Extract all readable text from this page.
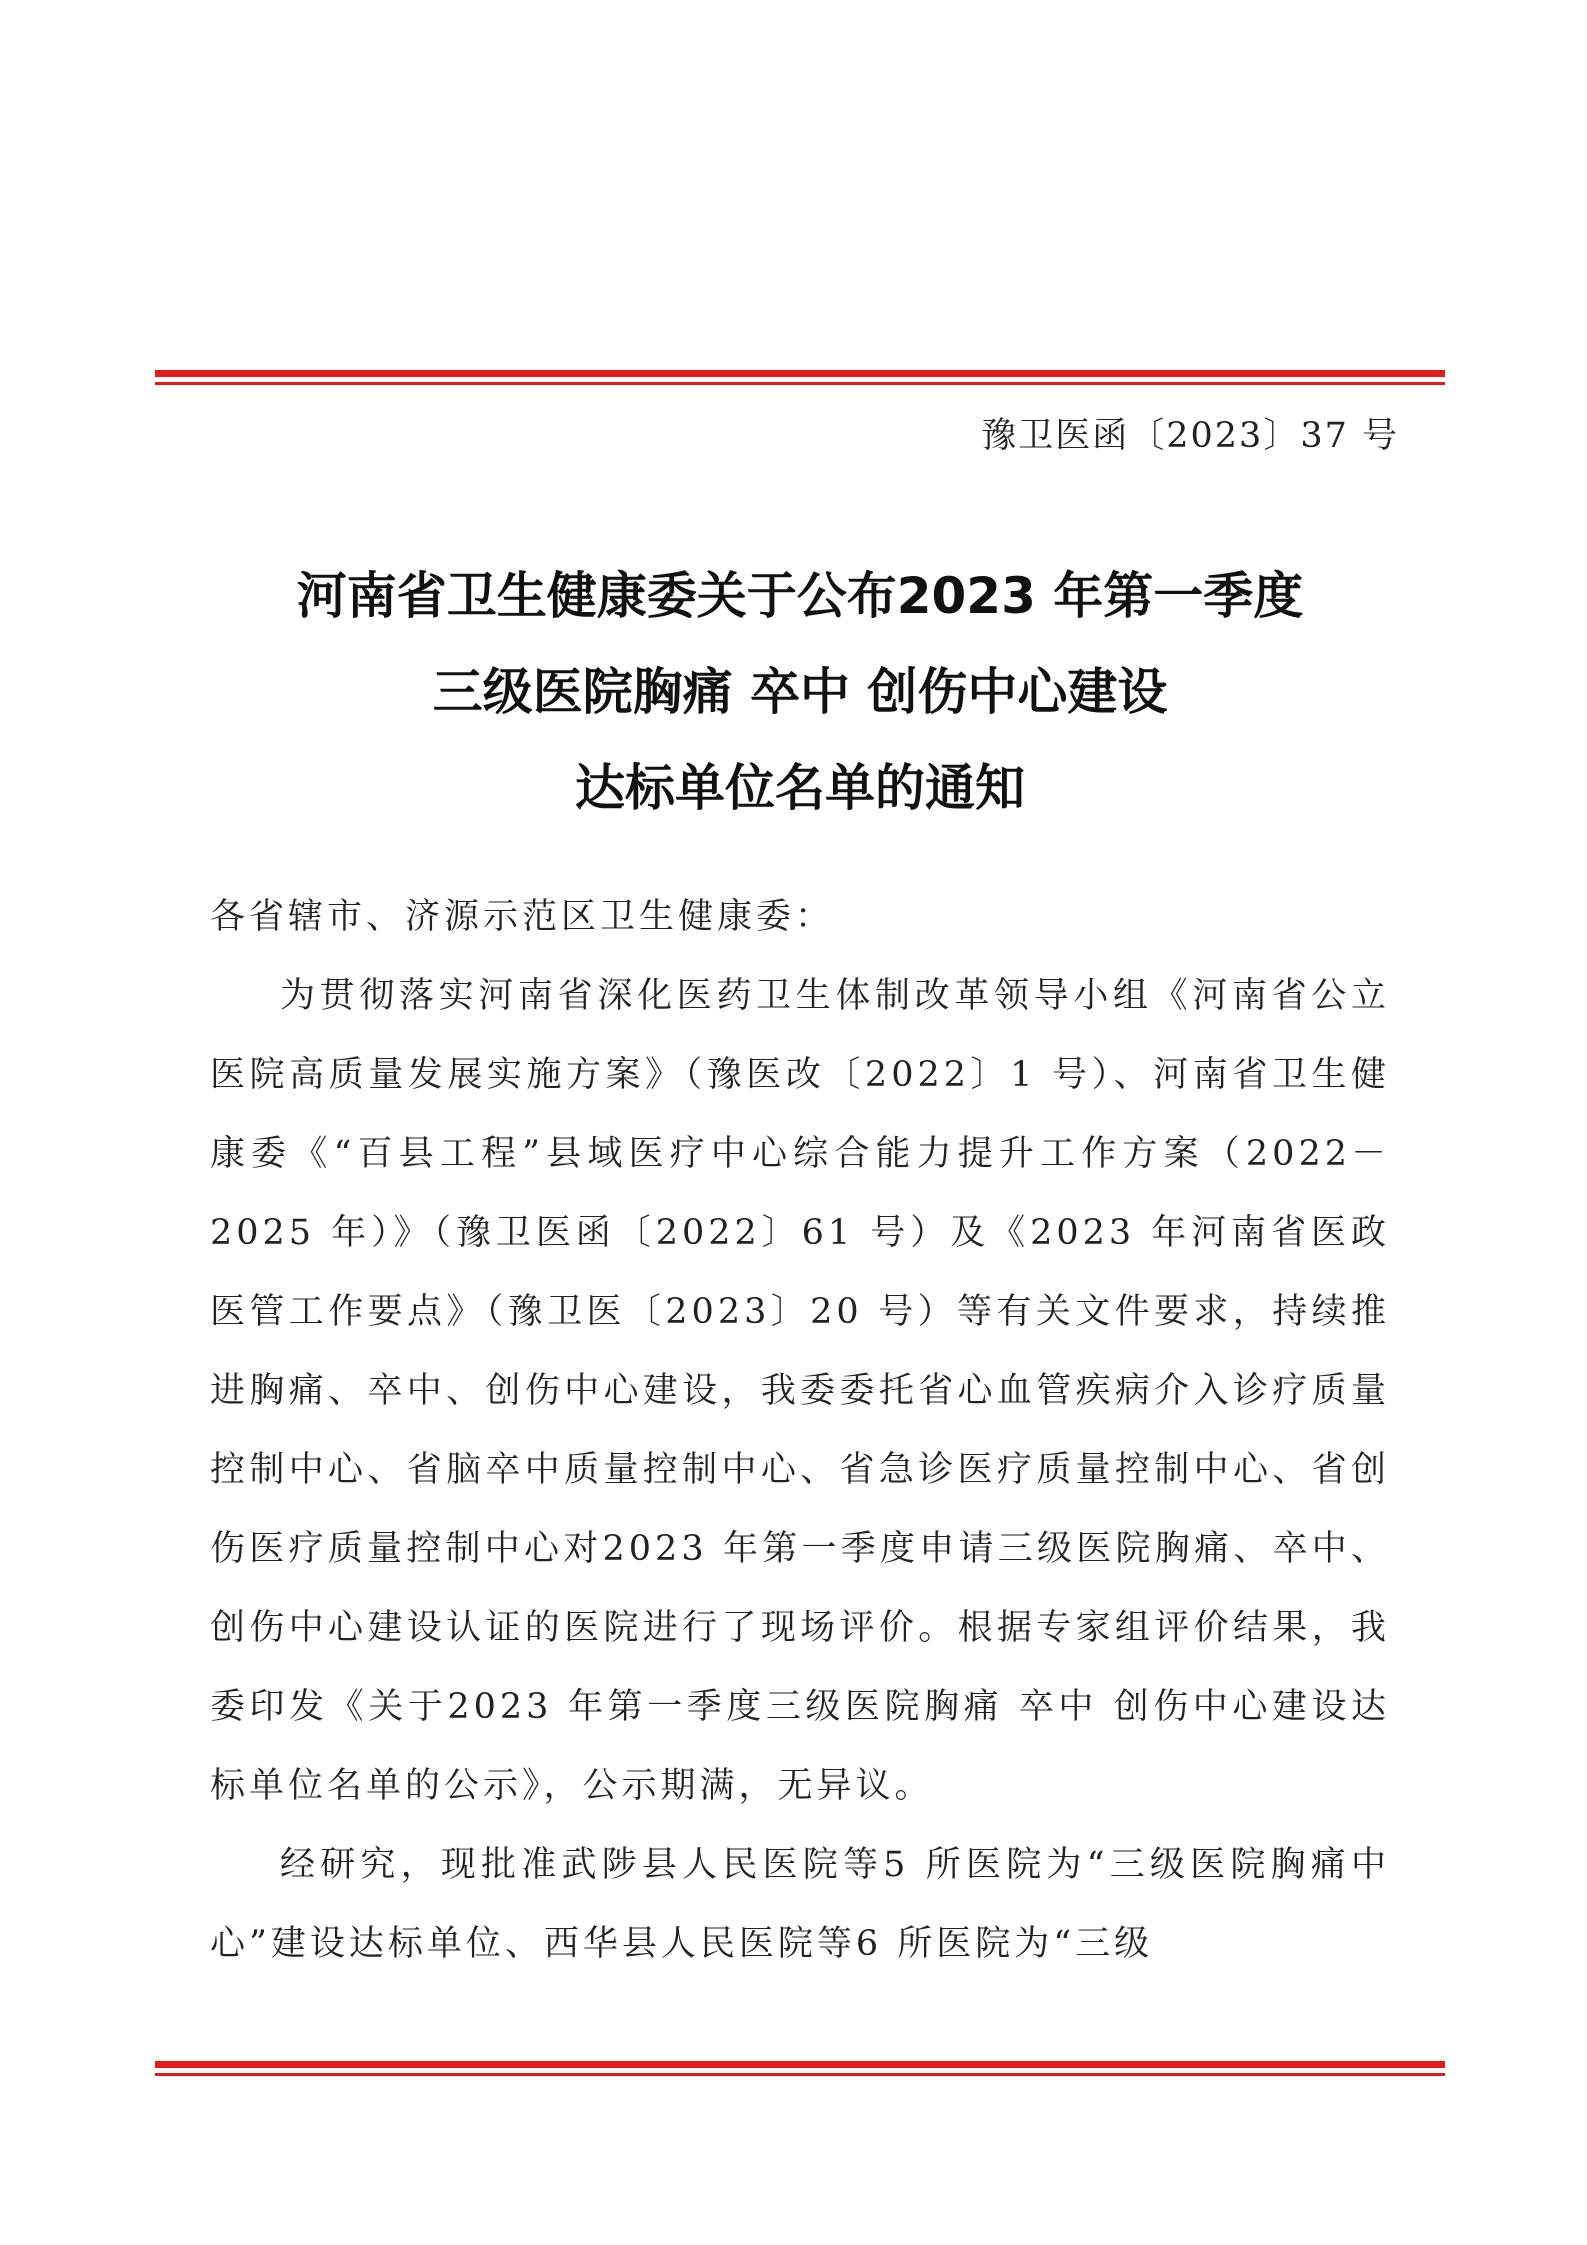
豫卫医函〔2023〕37 号
河南省卫生健康委关于公布2023 年第一季度
三级医院胸痛 卒中 创伤中心建设
达标单位名单的通知

各省辖市、济源示范区卫生健康委：

为贯彻落实河南省深化医药卫生体制改革领导小组《河南省公立医院高质量发展实施方案》（豫医改〔2022〕1 号）、河南省卫生健康委《“百县工程”县域医疗中心综合能力提升工作方案（2022－2025 年）》（豫卫医函〔2022〕61 号）及《2023 年河南省医政医管工作要点》（豫卫医〔2023〕20 号）等有关文件要求，持续推进胸痛、卒中、创伤中心建设，我委委托省心血管疾病介入诊疗质量控制中心、省脑卒中质量控制中心、省急诊医疗质量控制中心、省创伤医疗质量控制中心对2023 年第一季度申请三级医院胸痛、卒中、创伤中心建设认证的医院进行了现场评价。根据专家组评价结果，我委印发《关于2023 年第一季度三级医院胸痛 卒中 创伤中心建设达标单位名单的公示》，公示期满，无异议。

经研究，现批准武陟县人民医院等5 所医院为“三级医院胸痛中心”建设达标单位、西华县人民医院等6 所医院为“三级
